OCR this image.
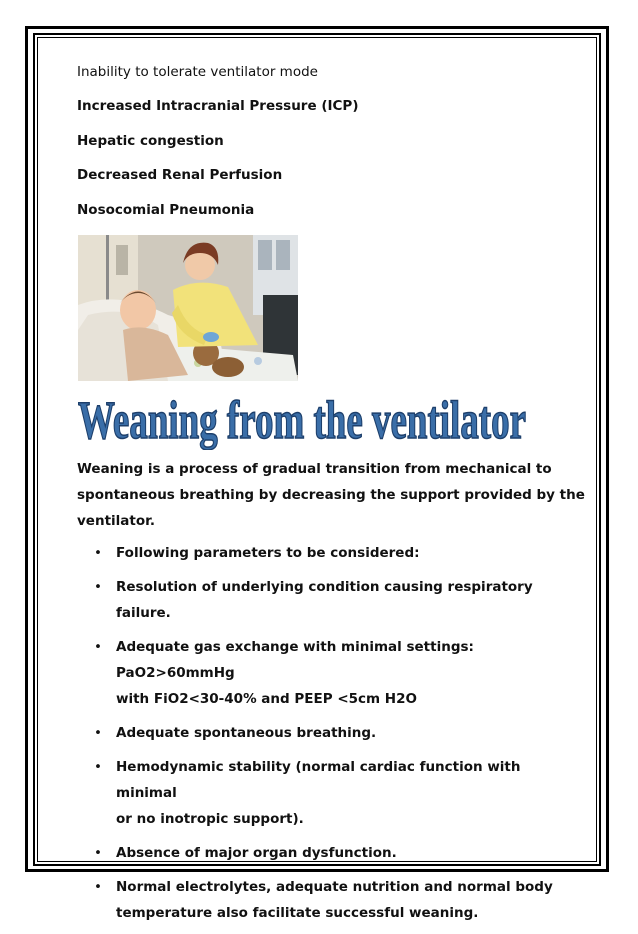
Inability to tolerate ventilator mode
Increased Intracranial Pressure (ICP)
Hepatic congestion
Decreased Renal Perfusion
Nosocomial Pneumonia
Weaning from the ventilator
Weaning is a process of gradual transition from mechanical to
spontaneous breathing by decreasing the support provided by the
ventilator.
• Following parameters to be considered:
• Resolution of underlying condition causing respiratory failure.
• Adequate gas exchange with minimal settings: PaO2>60mmHg
with FiO2<30-40% and PEEP <5cm H2O
• Adequate spontaneous breathing.
• Hemodynamic stability (normal cardiac function with minimal
or no inotropic support).
• Absence of major organ dysfunction.
• Normal electrolytes, adequate nutrition and normal body
temperature also facilitate successful weaning.
